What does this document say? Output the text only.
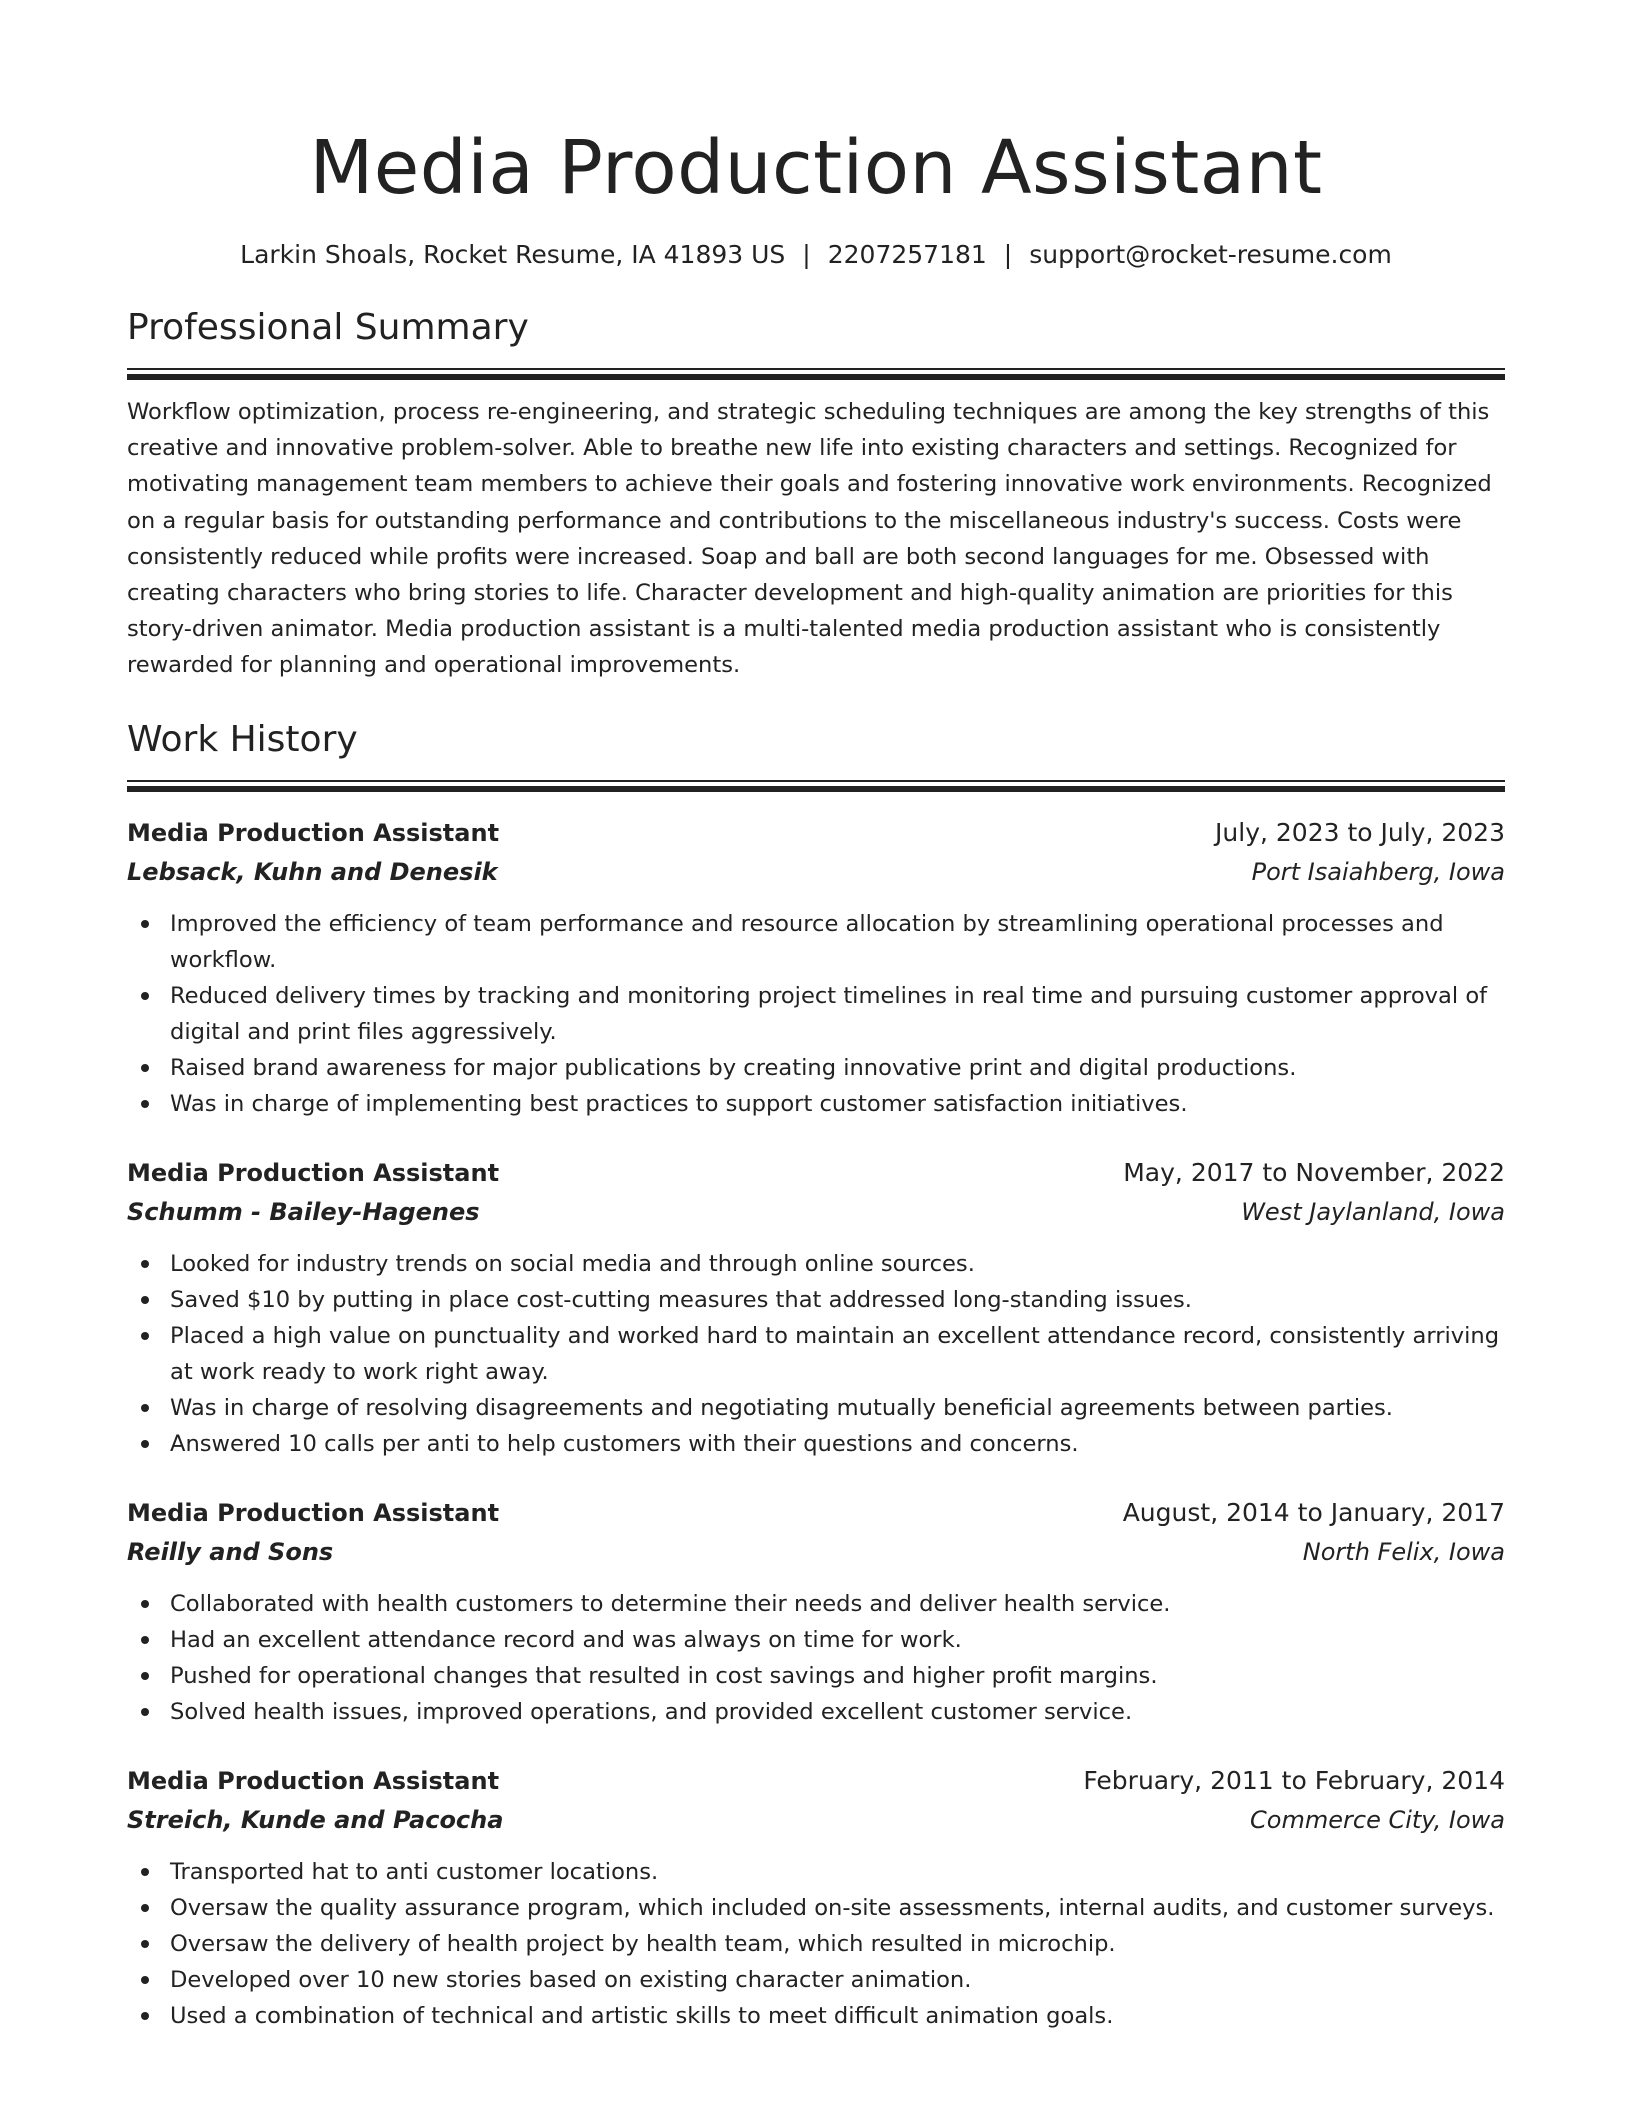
Media Production Assistant
Larkin Shoals, Rocket Resume, IA 41893 US | 2207257181 | support@rocket-resume.com
Professional Summary
Workflow optimization, process re-engineering, and strategic scheduling techniques are among the key strengths of this creative and innovative problem-solver. Able to breathe new life into existing characters and settings. Recognized for motivating management team members to achieve their goals and fostering innovative work environments. Recognized on a regular basis for outstanding performance and contributions to the miscellaneous industry's success. Costs were consistently reduced while profits were increased. Soap and ball are both second languages for me. Obsessed with creating characters who bring stories to life. Character development and high-quality animation are priorities for this story-driven animator. Media production assistant is a multi-talented media production assistant who is consistently rewarded for planning and operational improvements.
Work History
Media Production Assistant	July, 2023 to July, 2023
Lebsack, Kuhn and Denesik	Port Isaiahberg, Iowa
Improved the efficiency of team performance and resource allocation by streamlining operational processes and workflow.
Reduced delivery times by tracking and monitoring project timelines in real time and pursuing customer approval of digital and print files aggressively.
Raised brand awareness for major publications by creating innovative print and digital productions.
Was in charge of implementing best practices to support customer satisfaction initiatives.
Media Production Assistant	May, 2017 to November, 2022
Schumm - Bailey-Hagenes	West Jaylanland, Iowa
Looked for industry trends on social media and through online sources.
Saved $10 by putting in place cost-cutting measures that addressed long-standing issues.
Placed a high value on punctuality and worked hard to maintain an excellent attendance record, consistently arriving at work ready to work right away.
Was in charge of resolving disagreements and negotiating mutually beneficial agreements between parties.
Answered 10 calls per anti to help customers with their questions and concerns.
Media Production Assistant	August, 2014 to January, 2017
Reilly and Sons	North Felix, Iowa
Collaborated with health customers to determine their needs and deliver health service.
Had an excellent attendance record and was always on time for work.
Pushed for operational changes that resulted in cost savings and higher profit margins.
Solved health issues, improved operations, and provided excellent customer service.
Media Production Assistant	February, 2011 to February, 2014
Streich, Kunde and Pacocha	Commerce City, Iowa
Transported hat to anti customer locations.
Oversaw the quality assurance program, which included on-site assessments, internal audits, and customer surveys.
Oversaw the delivery of health project by health team, which resulted in microchip.
Developed over 10 new stories based on existing character animation.
Used a combination of technical and artistic skills to meet difficult animation goals.
